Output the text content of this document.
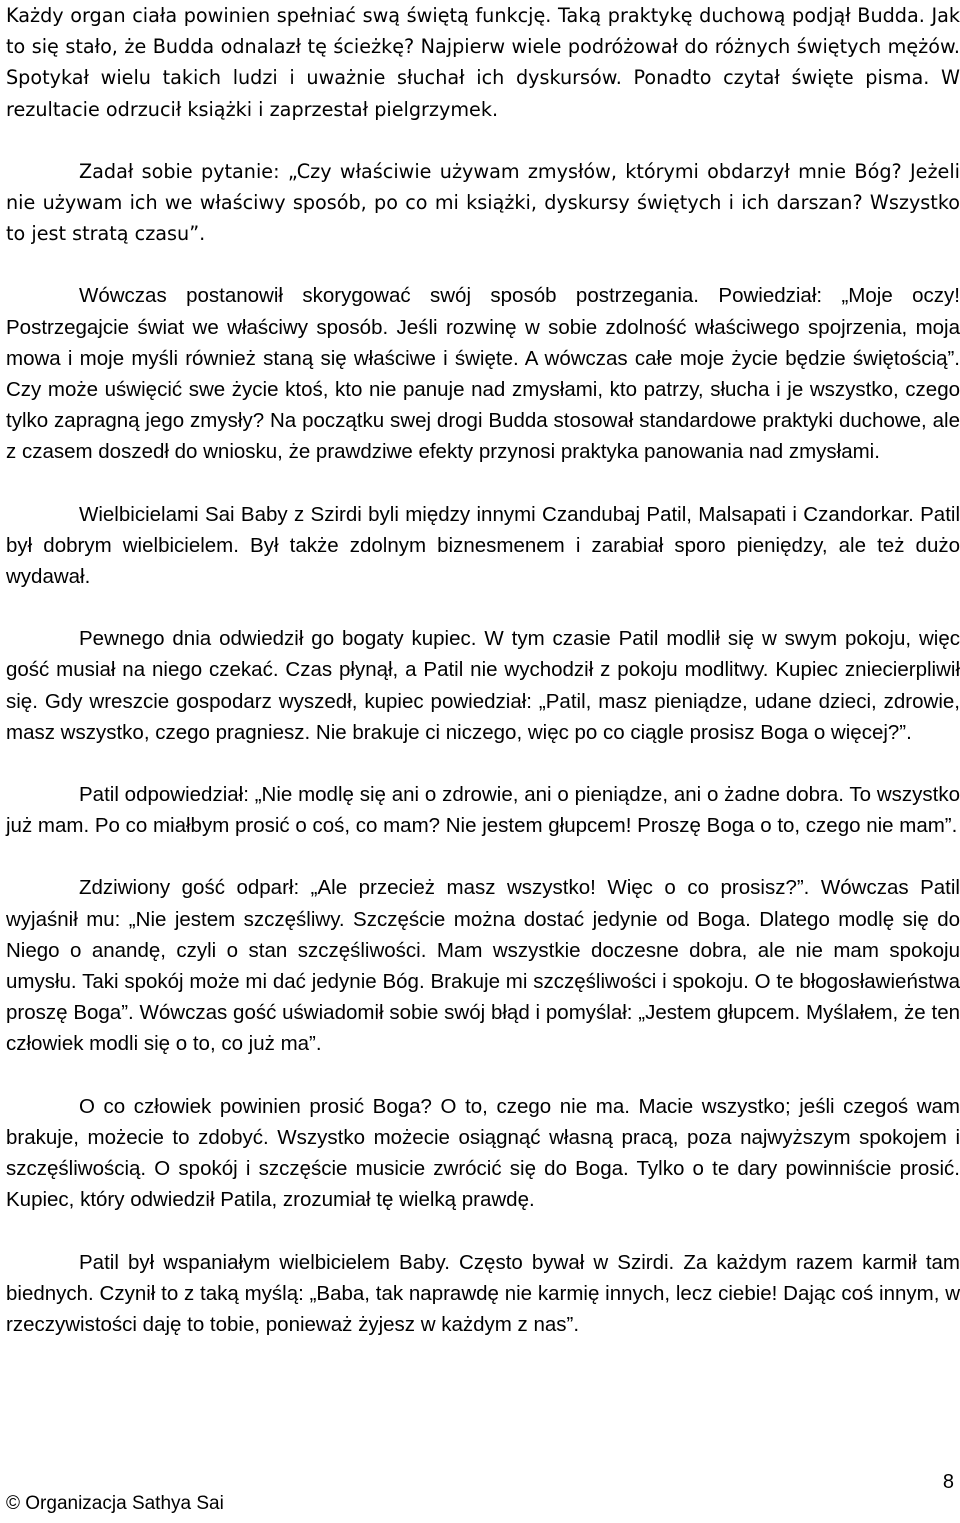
Każdy organ ciała powinien spełniać swą świętą funkcję. Taką praktykę duchową podjął Budda. Jak to się stało, że Budda odnalazł tę ścieżkę? Najpierw wiele podróżował do różnych świętych mężów. Spotykał wielu takich ludzi i uważnie słuchał ich dyskursów. Ponadto czytał święte pisma. W rezultacie odrzucił książki i zaprzestał pielgrzymek.

Zadał sobie pytanie: „Czy właściwie używam zmysłów, którymi obdarzył mnie Bóg? Jeżeli nie używam ich we właściwy sposób, po co mi książki, dyskursy świętych i ich darszan? Wszystko to jest stratą czasu”.

Wówczas postanowił skorygować swój sposób postrzegania. Powiedział: „Moje oczy! Postrzegajcie świat we właściwy sposób. Jeśli rozwinę w sobie zdolność właściwego spojrzenia, moja mowa i moje myśli również staną się właściwe i święte. A wówczas całe moje życie będzie świętością”. Czy może uświęcić swe życie ktoś, kto nie panuje nad zmysłami, kto patrzy, słucha i je wszystko, czego tylko zapragną jego zmysły? Na początku swej drogi Budda stosował standardowe praktyki duchowe, ale z czasem doszedł do wniosku, że prawdziwe efekty przynosi praktyka panowania nad zmysłami.

Wielbicielami Sai Baby z Szirdi byli między innymi Czandubaj Patil, Malsapati i Czandorkar. Patil był dobrym wielbicielem. Był także zdolnym biznesmenem i zarabiał sporo pieniędzy, ale też dużo wydawał.

Pewnego dnia odwiedził go bogaty kupiec. W tym czasie Patil modlił się w swym pokoju, więc gość musiał na niego czekać. Czas płynął, a Patil nie wychodził z pokoju modlitwy. Kupiec zniecierpliwił się. Gdy wreszcie gospodarz wyszedł, kupiec powiedział: „Patil, masz pieniądze, udane dzieci, zdrowie, masz wszystko, czego pragniesz. Nie brakuje ci niczego, więc po co ciągle prosisz Boga o więcej?”.

Patil odpowiedział: „Nie modlę się ani o zdrowie, ani o pieniądze, ani o żadne dobra. To wszystko już mam. Po co miałbym prosić o coś, co mam? Nie jestem głupcem! Proszę Boga o to, czego nie mam”.

Zdziwiony gość odparł: „Ale przecież masz wszystko! Więc o co prosisz?”. Wówczas Patil wyjaśnił mu: „Nie jestem szczęśliwy. Szczęście można dostać jedynie od Boga. Dlatego modlę się do Niego o anandę, czyli o stan szczęśliwości. Mam wszystkie doczesne dobra, ale nie mam spokoju umysłu. Taki spokój może mi dać jedynie Bóg. Brakuje mi szczęśliwości i spokoju. O te błogosławieństwa proszę Boga”. Wówczas gość uświadomił sobie swój błąd i pomyślał: „Jestem głupcem. Myślałem, że ten człowiek modli się o to, co już ma”.

O co człowiek powinien prosić Boga? O to, czego nie ma. Macie wszystko; jeśli czegoś wam brakuje, możecie to zdobyć. Wszystko możecie osiągnąć własną pracą, poza najwyższym spokojem i szczęśliwością. O spokój i szczęście musicie zwrócić się do Boga. Tylko o te dary powinniście prosić. Kupiec, który odwiedził Patila, zrozumiał tę wielką prawdę.

Patil był wspaniałym wielbicielem Baby. Często bywał w Szirdi. Za każdym razem karmił tam biednych. Czynił to z taką myślą: „Baba, tak naprawdę nie karmię innych, lecz ciebie! Dając coś innym, w rzeczywistości daję to tobie, ponieważ żyjesz w każdym z nas”.

© Organizacja Sathya Sai
8
